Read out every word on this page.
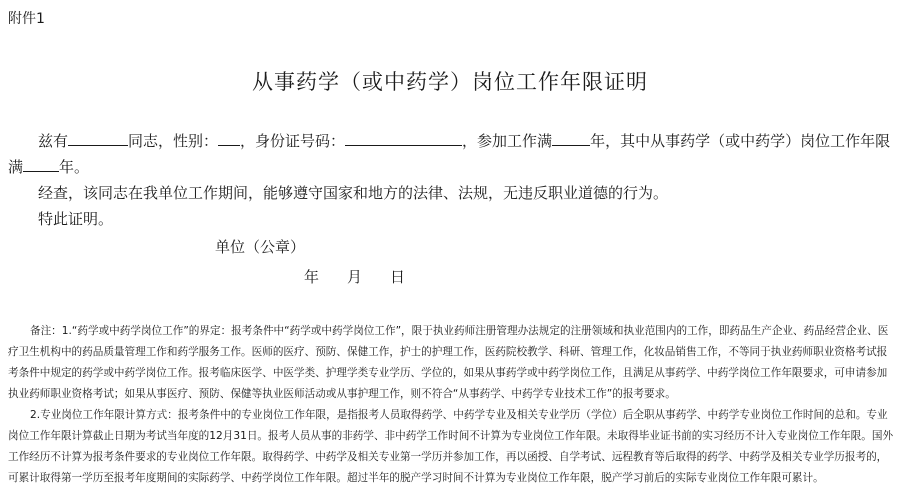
附件1
从事药学（或中药学）岗位工作年限证明

兹有	同志，性别： ，身份证号码：	，参加工作满	年，其中从事药学（或中药学）岗位工作年限满 年。

经查，该同志在我单位工作期间，能够遵守国家和地方的法律、法规，无违反职业道德的行为。

特此证明。

单位（公章）
年 月 日

备注：1.“药学或中药学岗位工作”的界定：报考条件中“药学或中药学岗位工作”，限于执业药师注册管理办法规定的注册领域和执业范围内的工作，即药品生产企业、药品经营企业、医疗卫生机构中的药品质量管理工作和药学服务工作。医师的医疗、预防、保健工作，护士的护理工作，医药院校教学、科研、管理工作，化妆品销售工作，不等同于执业药师职业资格考试报考条件中规定的药学或中药学岗位工作。报考临床医学、中医学类、护理学类专业学历、学位的，如果从事药学或中药学岗位工作，且满足从事药学、中药学岗位工作年限要求，可申请参加执业药师职业资格考试；如果从事医疗、预防、保健等执业医师活动或从事护理工作，则不符合“从事药学、中药学专业技术工作”的报考要求。

2.专业岗位工作年限计算方式：报考条件中的专业岗位工作年限，是指报考人员取得药学、中药学专业及相关专业学历（学位）后全职从事药学、中药学专业岗位工作时间的总和。专业岗位工作年限计算截止日期为考试当年度的12月31日。报考人员从事的非药学、非中药学工作时间不计算为专业岗位工作年限。未取得毕业证书前的实习经历不计入专业岗位工作年限。国外工作经历不计算为报考条件要求的专业岗位工作年限。取得药学、中药学及相关专业第一学历并参加工作，再以函授、自学考试、远程教育等后取得的药学、中药学及相关专业学历报考的，可累计取得第一学历至报考年度期间的实际药学、中药学岗位工作年限。超过半年的脱产学习时间不计算为专业岗位工作年限，脱产学习前后的实际专业岗位工作年限可累计。
